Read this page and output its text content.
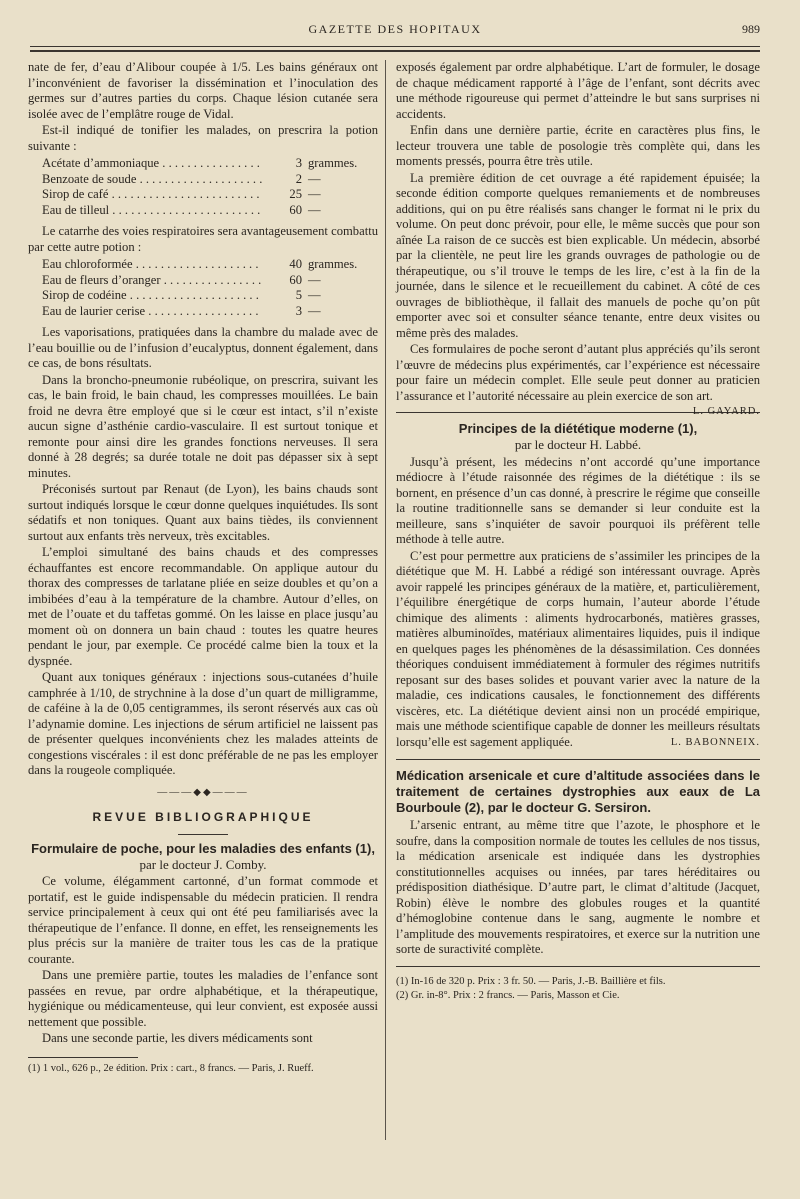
GAZETTE DES HOPITAUX	989

nate de fer, d’eau d’Alibour coupée à 1/5. Les bains généraux ont l’inconvénient de favoriser la dissémination et l’inoculation des germes sur d’autres parties du corps. Chaque lésion cutanée sera isolée avec de l’emplâtre rouge de Vidal.

Est-il indiqué de tonifier les malades, on prescrira la potion suivante :

Acétate d’ammoniaque . . .	3 grammes.
Benzoate de soude . . .	2 —
Sirop de café . . .	25 —
Eau de tilleul . . .	60 —

Le catarrhe des voies respiratoires sera avantageusement combattu par cette autre potion :

Eau chloroformée . . .	40 grammes.
Eau de fleurs d’oranger . . .	60 —
Sirop de codéine . . .	5 —
Eau de laurier cerise . . .	3 —

Les vaporisations, pratiquées dans la chambre du malade avec de l’eau bouillie ou de l’infusion d’eucalyptus, donnent également, dans ce cas, de bons résultats.

Dans la broncho-pneumonie rubéolique, on prescrira, suivant les cas, le bain froid, le bain chaud, les compresses mouillées. Le bain froid ne devra être employé que si le cœur est intact, s’il n’existe aucun signe d’asthénie cardio-vasculaire. Il est surtout tonique et remonte pour ainsi dire les grandes fonctions nerveuses. Il sera donné à 28 degrés; sa durée totale ne doit pas dépasser six à sept minutes.

Préconisés surtout par Renaut (de Lyon), les bains chauds sont surtout indiqués lorsque le cœur donne quelques inquiétudes. Ils sont sédatifs et non toniques. Quant aux bains tièdes, ils conviennent surtout aux enfants très nerveux, très excitables.

L’emploi simultané des bains chauds et des compresses échauffantes est encore recommandable. On applique autour du thorax des compresses de tarlatane pliée en seize doubles et qu’on a imbibées d’eau à la température de la chambre. Autour d’elles, on met de l’ouate et du taffetas gommé. On les laisse en place jusqu’au moment où on donnera un bain chaud : toutes les quatre heures pendant le jour, par exemple. Ce procédé calme bien la toux et la dyspnée.

Quant aux toniques généraux : injections sous-cutanées d’huile camphrée à 1/10, de strychnine à la dose d’un quart de milligramme, de caféine à la de 0,05 centigrammes, ils seront réservés aux cas où l’adynamie domine. Les injections de sérum artificiel ne laissent pas de présenter quelques inconvénients chez les malades atteints de congestions viscérales : il est donc préférable de ne pas les employer dans la rougeole compliquée.

———◆◆———
REVUE BIBLIOGRAPHIQUE
Formulaire de poche, pour les maladies des enfants (1),
par le docteur J. Comby.

Ce volume, élégamment cartonné, d’un format commode et portatif, est le guide indispensable du médecin praticien. Il rendra service principalement à ceux qui ont été peu familiarisés avec la thérapeutique de l’enfance. Il donne, en effet, les renseignements les plus précis sur la manière de traiter tous les cas de la pratique courante.

Dans une première partie, toutes les maladies de l’enfance sont passées en revue, par ordre alphabétique, et la thérapeutique, hygiénique ou médicamenteuse, qui leur convient, est exposée aussi nettement que possible.

Dans une seconde partie, les divers médicaments sont

(1) 1 vol., 626 p., 2e édition. Prix : cart., 8 francs. — Paris, J. Rueff.

exposés également par ordre alphabétique. L’art de formuler, le dosage de chaque médicament rapporté à l’âge de l’enfant, sont décrits avec une méthode rigoureuse qui permet d’atteindre le but sans surprises ni accidents.

Enfin dans une dernière partie, écrite en caractères plus fins, le lecteur trouvera une table de posologie très complète qui, dans les moments pressés, pourra être très utile.

La première édition de cet ouvrage a été rapidement épuisée; la seconde édition comporte quelques remaniements et de nombreuses additions, qui on pu être réalisés sans changer le format ni le prix du volume. On peut donc prévoir, pour elle, le même succès que pour son aînée La raison de ce succès est bien explicable. Un médecin, absorbé par la clientèle, ne peut lire les grands ouvrages de pathologie ou de thérapeutique, ou s’il trouve le temps de les lire, c’est à la fin de la journée, dans le silence et le recueillement du cabinet. A côté de ces ouvrages de bibliothèque, il fallait des manuels de poche qu’on pût emporter avec soi et consulter séance tenante, entre deux visites ou même près des malades.

Ces formulaires de poche seront d’autant plus appréciés qu’ils seront l’œuvre de médecins plus expérimentés, car l’expérience est nécessaire pour faire un médecin complet. Elle seule peut donner au praticien l’assurance et l’autorité nécessaire au plein exercice de son art.
L. GAYARD.

Principes de la diététique moderne (1),
par le docteur H. Labbé.

Jusqu’à présent, les médecins n’ont accordé qu’une importance médiocre à l’étude raisonnée des régimes de la diététique : ils se bornent, en présence d’un cas donné, à prescrire le régime que conseille la routine traditionnelle sans se demander si leur conduite est la meilleure, sans s’inquiéter de savoir pourquoi ils préfèrent telle méthode à telle autre.

C’est pour permettre aux praticiens de s’assimiler les principes de la diététique que M. H. Labbé a rédigé son intéressant ouvrage. Après avoir rappelé les principes généraux de la matière, et, particulièrement, l’équilibre énergétique de corps humain, l’auteur aborde l’étude chimique des aliments : aliments hydrocarbonés, matières grasses, matières albuminoïdes, matériaux alimentaires liquides, puis il indique en quelques pages les phénomènes de la désassimilation. Ces données théoriques conduisent immédiatement à formuler des régimes nutritifs reposant sur des bases solides et pouvant varier avec la nature de la maladie, ces indications causales, le fonctionnement des différents viscères, etc. La diététique devient ainsi non un procédé empirique, mais une méthode scientifique capable de donner les meilleurs résultats lorsqu’elle est sagement appliquée.	L. BABONNEIX.

Médication arsenicale et cure d’altitude associées dans le traitement de certaines dystrophies aux eaux de La Bourboule (2), par le docteur G. Sersiron.

L’arsenic entrant, au même titre que l’azote, le phosphore et le soufre, dans la composition normale de toutes les cellules de nos tissus, la médication arsenicale est indiquée dans les dystrophies constitutionnelles acquises ou innées, par tares héréditaires ou prédisposition diathésique. D’autre part, le climat d’altitude (Jacquet, Robin) élève le nombre des globules rouges et la quantité d’hémoglobine contenue dans le sang, augmente le nombre et l’amplitude des mouvements respiratoires, et exerce sur la nutrition une sorte de suractivité complète.

(1) In-16 de 320 p. Prix : 3 fr. 50. — Paris, J.-B. Baillière et fils.

(2) Gr. in-8°. Prix : 2 francs. — Paris, Masson et Cie.
